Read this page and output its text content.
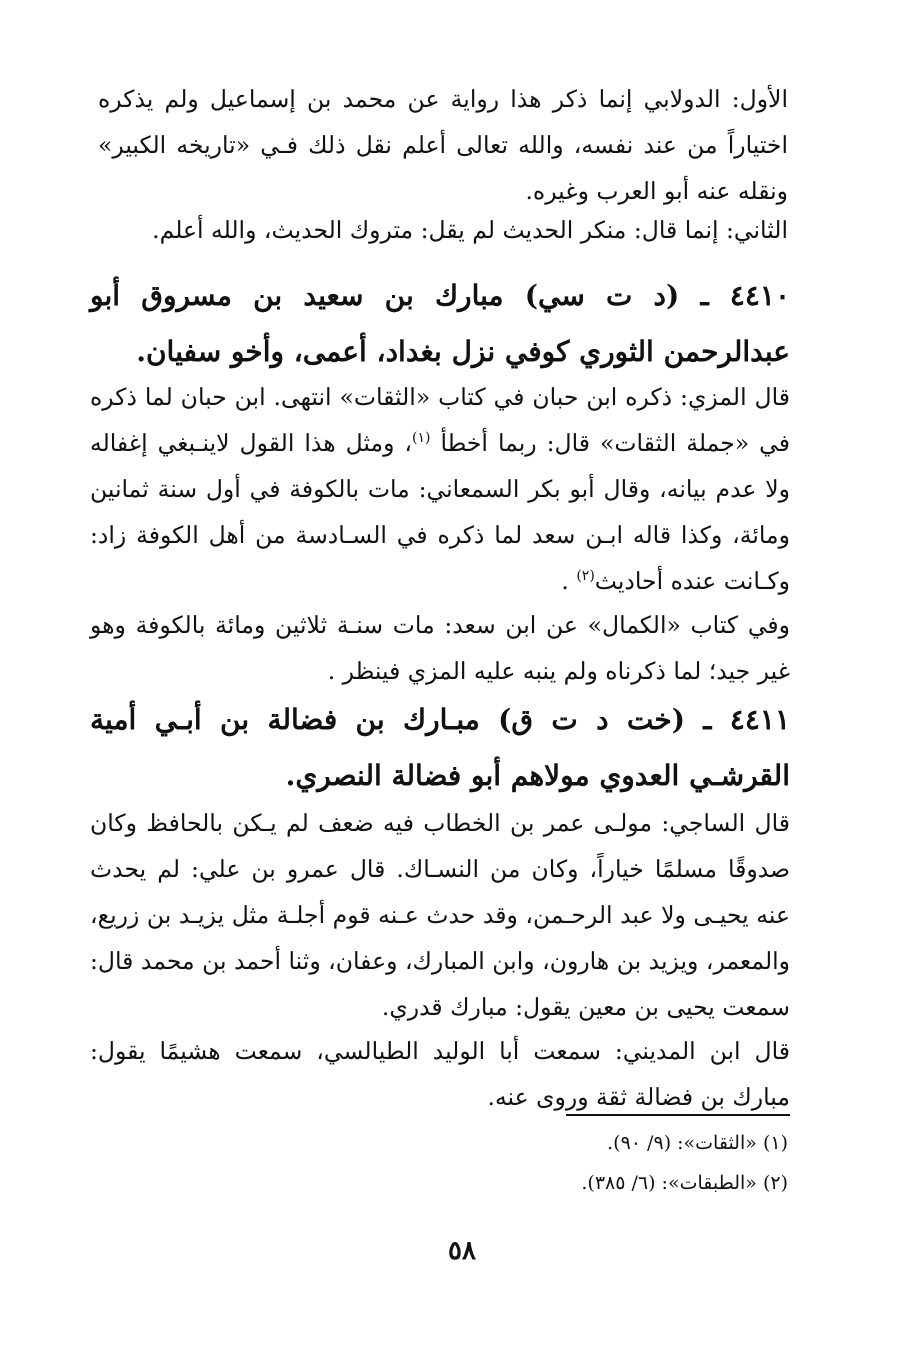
الأول: الدولابي إنما ذكر هذا رواية عن محمد بن إسماعيل ولم يذكره اختياراً من عند نفسه، والله تعالى أعلم نقل ذلك فـي «تاريخه الكبير» ونقله عنه أبو العرب وغيره.

الثاني: إنما قال: منكر الحديث لم يقل: متروك الحديث، والله أعلم.

٤٤١٠ ـ (د ت سي) مبارك بن سعيد بن مسروق أبو عبدالرحمن الثوري كوفي نزل بغداد، أعمى، وأخو سفيان.

قال المزي: ذكره ابن حبان في كتاب «الثقات» انتهى. ابن حبان لما ذكره في «جملة الثقات» قال: ربما أخطأ $^{(١)}$، ومثل هذا القول لاينـبغي إغفاله ولا عدم بيانه، وقال أبو بكر السمعاني: مات بالكوفة في أول سنة ثمانين ومائة، وكذا قاله ابـن سعد لما ذكره في السـادسة من أهل الكوفة زاد: وكـانت عنده أحاديث$^{(٢)}$ .

وفي كتاب «الكمال» عن ابن سعد: مات سنـة ثلاثين ومائة بالكوفة وهو غير جيد؛ لما ذكرناه ولم ينبه عليه المزي فينظر .

٤٤١١ ـ (خت د ت ق) مبـارك بن فضالة بن أبـي أمية القرشـي العدوي مولاهم أبو فضالة النصري.

قال الساجي: مولـى عمر بن الخطاب فيه ضعف لم يـكن بالحافظ وكان صدوقًا مسلمًا خياراً، وكان من النسـاك. قال عمرو بن علي: لم يحدث عنه يحيـى ولا عبد الرحـمن، وقد حدث عـنه قوم أجلـة مثل يزيـد بن زريع، والمعمر، ويزيد بن هارون، وابن المبارك، وعفان، وثنا أحمد بن محمد قال: سمعت يحيى بن معين يقول: مبارك قدري.

قال ابن المديني: سمعت أبا الوليد الطيالسي، سمعت هشيمًا يقول: مبارك بن فضالة ثقة وروى عنه.

(١) «الثقات»: (٩/ ٩٠).

(٢) «الطبقات»: (٦/ ٣٨٥).

٥٨
